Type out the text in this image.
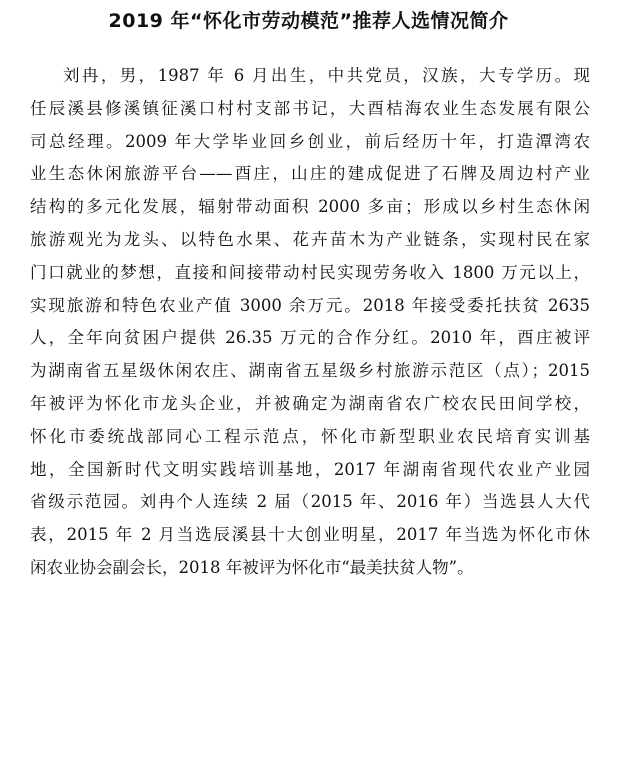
2019 年“怀化市劳动模范”推荐人选情况简介
刘冉，男，1987 年 6 月出生，中共党员，汉族，大专学历。现
任辰溪县修溪镇征溪口村村支部书记，大酉桔海农业生态发展有限公
司总经理。2009 年大学毕业回乡创业，前后经历十年，打造潭湾农
业生态休闲旅游平台——酉庄，山庄的建成促进了石牌及周边村产业
结构的多元化发展，辐射带动面积 2000 多亩；形成以乡村生态休闲
旅游观光为龙头、以特色水果、花卉苗木为产业链条，实现村民在家
门口就业的梦想，直接和间接带动村民实现劳务收入 1800 万元以上，
实现旅游和特色农业产值 3000 余万元。2018 年接受委托扶贫 2635
人，全年向贫困户提供 26.35 万元的合作分红。2010 年，酉庄被评
为湖南省五星级休闲农庄、湖南省五星级乡村旅游示范区（点）；2015
年被评为怀化市龙头企业，并被确定为湖南省农广校农民田间学校，
怀化市委统战部同心工程示范点，怀化市新型职业农民培育实训基
地，全国新时代文明实践培训基地，2017 年湖南省现代农业产业园
省级示范园。刘冉个人连续 2 届（2015 年、2016 年）当选县人大代
表，2015 年 2 月当选辰溪县十大创业明星，2017 年当选为怀化市休
闲农业协会副会长，2018 年被评为怀化市“最美扶贫人物”。
